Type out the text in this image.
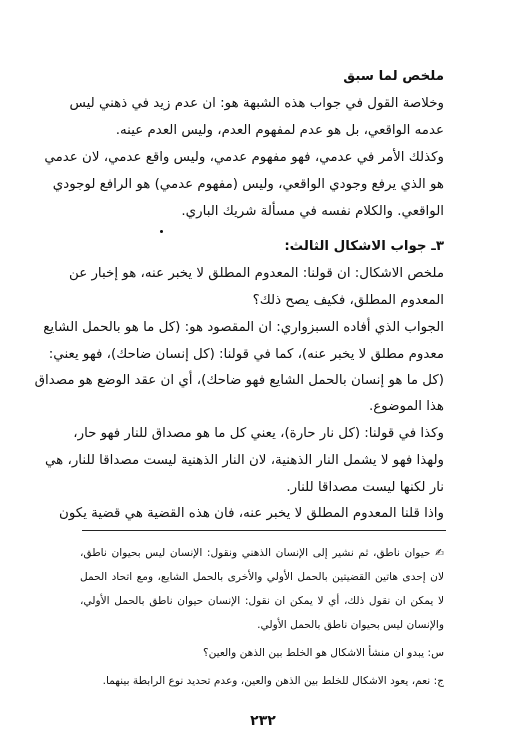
ملخص لما سبق
وخلاصة القول في جواب هذه الشبهة هو: ان عدم زيد في ذهني ليس
عدمه الواقعي، بل هو عدم لمفهوم العدم، وليس العدم عينه.
وكذلك الأمر في عدمي، فهو مفهوم عدمي، وليس واقع عدمي، لان عدمي
هو الذي يرفع وجودي الواقعي، وليس (مفهوم عدمي) هو الرافع لوجودي
الواقعي. والكلام نفسه في مسألة شريك الباري.
٣ـ جواب الاشكال الثالث:
ملخص الاشكال: ان قولنا: المعدوم المطلق لا يخبر عنه، هو إخبار عن
المعدوم المطلق، فكيف يصح ذلك؟
الجواب الذي أفاده السبزواري: ان المقصود هو: (كل ما هو بالحمل الشايع
معدوم مطلق لا يخبر عنه)، كما في قولنا: (كل إنسان ضاحك)، فهو يعني:
(كل ما هو إنسان بالحمل الشايع فهو ضاحك)، أي ان عقد الوضع هو مصداق
هذا الموضوع.
وكذا في قولنا: (كل نار حارة)، يعني كل ما هو مصداق للنار فهو حار،
ولهذا فهو لا يشمل النار الذهنية، لان النار الذهنية ليست مصداقا للنار، هي
نار لكنها ليست مصداقا للنار.
واذا قلنا المعدوم المطلق لا يخبر عنه، فان هذه القضية هي قضية يكون
✍ حيوان ناطق، ثم نشير إلى الإنسان الذهني ونقول: الإنسان ليس بحيوان ناطق،
لان إحدى هاتين القضيتين بالحمل الأولي والأخرى بالحمل الشايع، ومع اتحاد الحمل
لا يمكن ان نقول ذلك، أي لا يمكن ان نقول: الإنسان حيوان ناطق بالحمل الأولي،
والإنسان ليس بحيوان ناطق بالحمل الأولي.
س: يبدو ان منشأ الاشكال هو الخلط بين الذهن والعين؟
ج: نعم، يعود الاشكال للخلط بين الذهن والعين، وعدم تحديد نوع الرابطة بينهما.
٢٣٢
